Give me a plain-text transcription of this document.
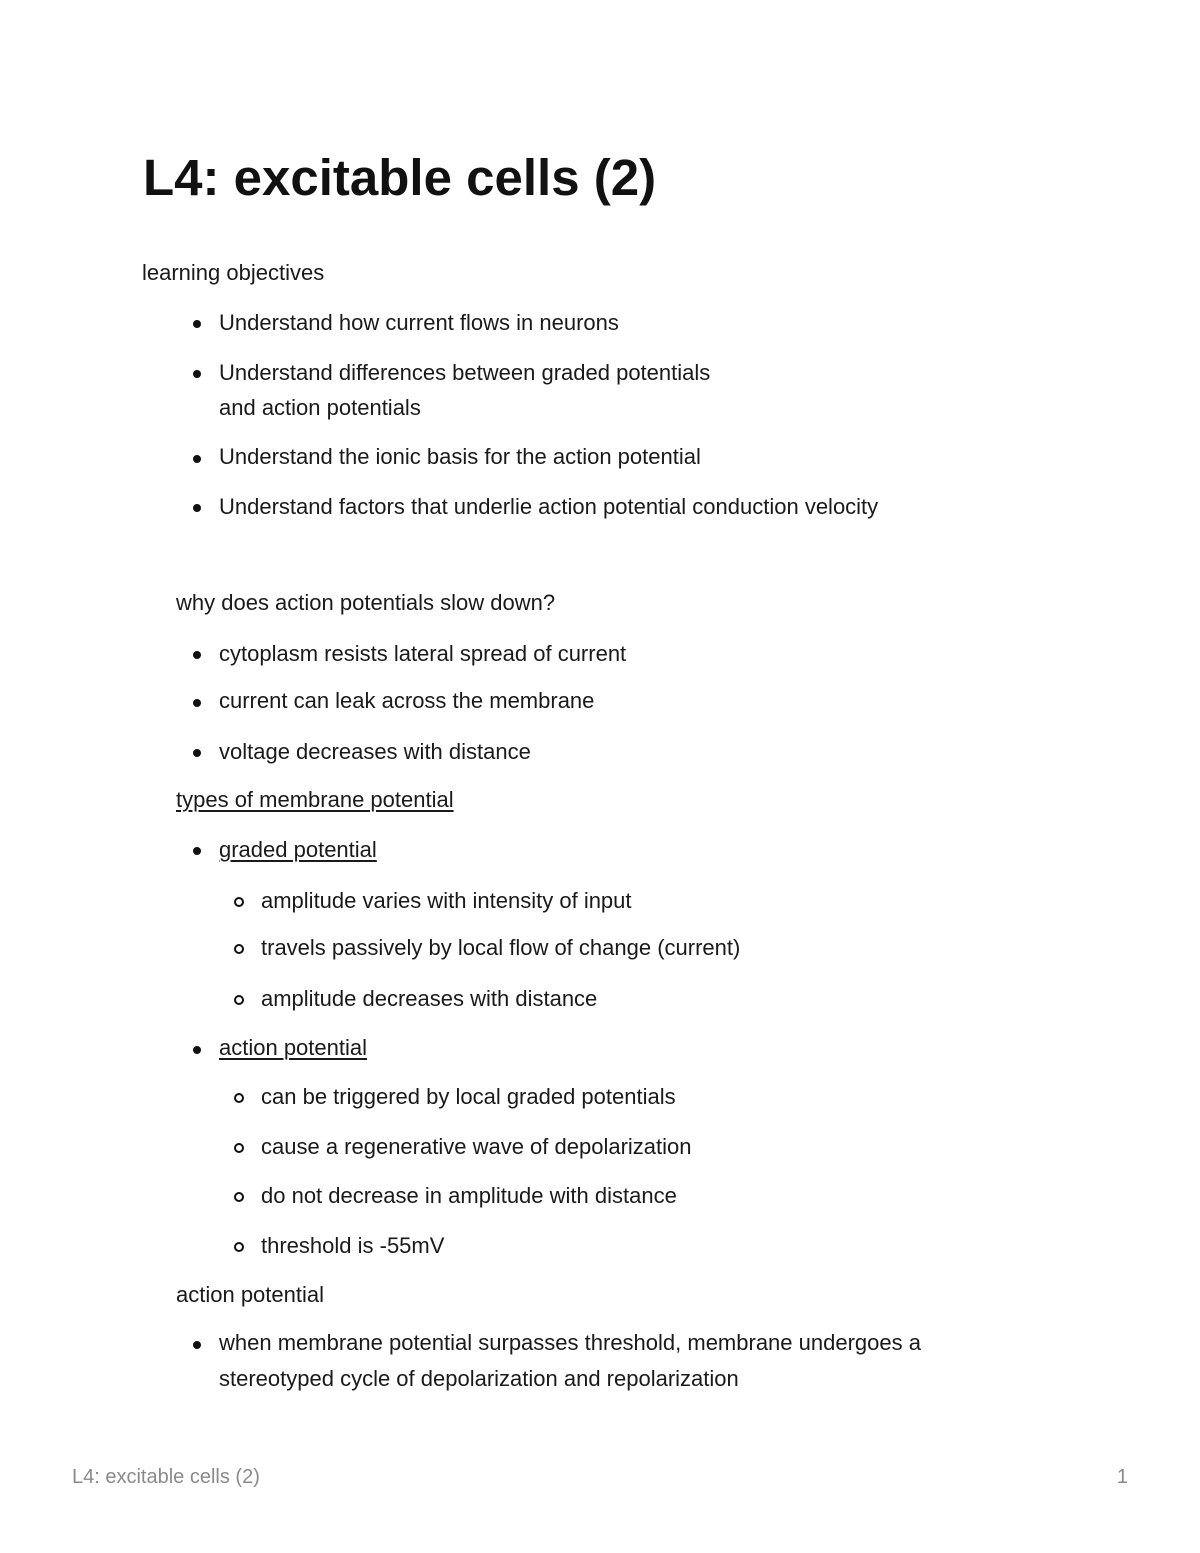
L4: excitable cells (2)
learning objectives
Understand how current flows in neurons
Understand differences between graded potentials
and action potentials
Understand the ionic basis for the action potential
Understand factors that underlie action potential conduction velocity
why does action potentials slow down?
cytoplasm resists lateral spread of current
current can leak across the membrane
voltage decreases with distance
types of membrane potential
graded potential
amplitude varies with intensity of input
travels passively by local flow of change (current)
amplitude decreases with distance
action potential
can be triggered by local graded potentials
cause a regenerative wave of depolarization
do not decrease in amplitude with distance
threshold is -55mV
action potential
when membrane potential surpasses threshold, membrane undergoes a
stereotyped cycle of depolarization and repolarization
L4: excitable cells (2)	1
